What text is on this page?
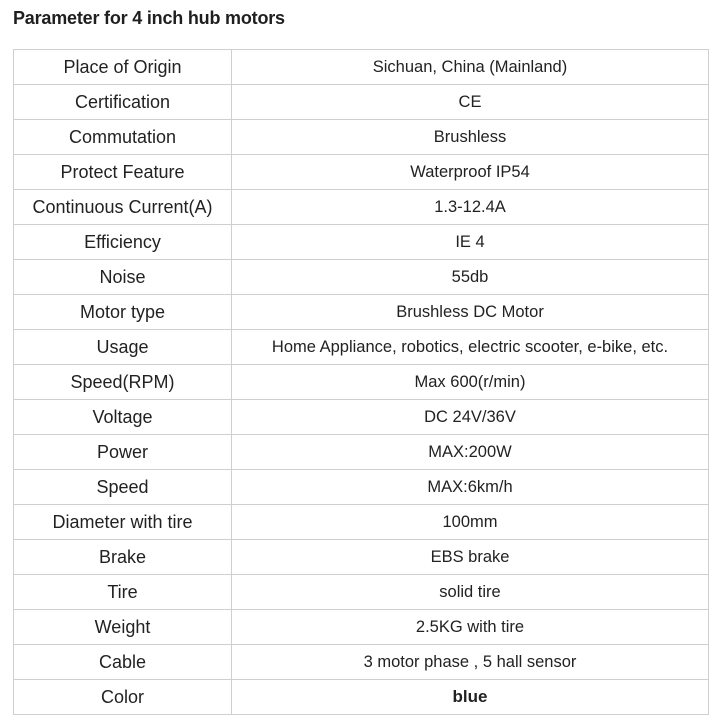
Parameter for 4 inch hub motors
Place of Origin	Sichuan, China (Mainland)
Certification	CE
Commutation	Brushless
Protect Feature	Waterproof IP54
Continuous Current(A)	1.3-12.4A
Efficiency	IE 4
Noise	55db
Motor type	Brushless DC Motor
Usage	Home Appliance, robotics, electric scooter, e-bike, etc.
Speed(RPM)	Max 600(r/min)
Voltage	DC 24V/36V
Power	MAX:200W
Speed	MAX:6km/h
Diameter with tire	100mm
Brake	EBS brake
Tire	solid tire
Weight	2.5KG with tire
Cable	3 motor phase , 5 hall sensor
Color	blue
